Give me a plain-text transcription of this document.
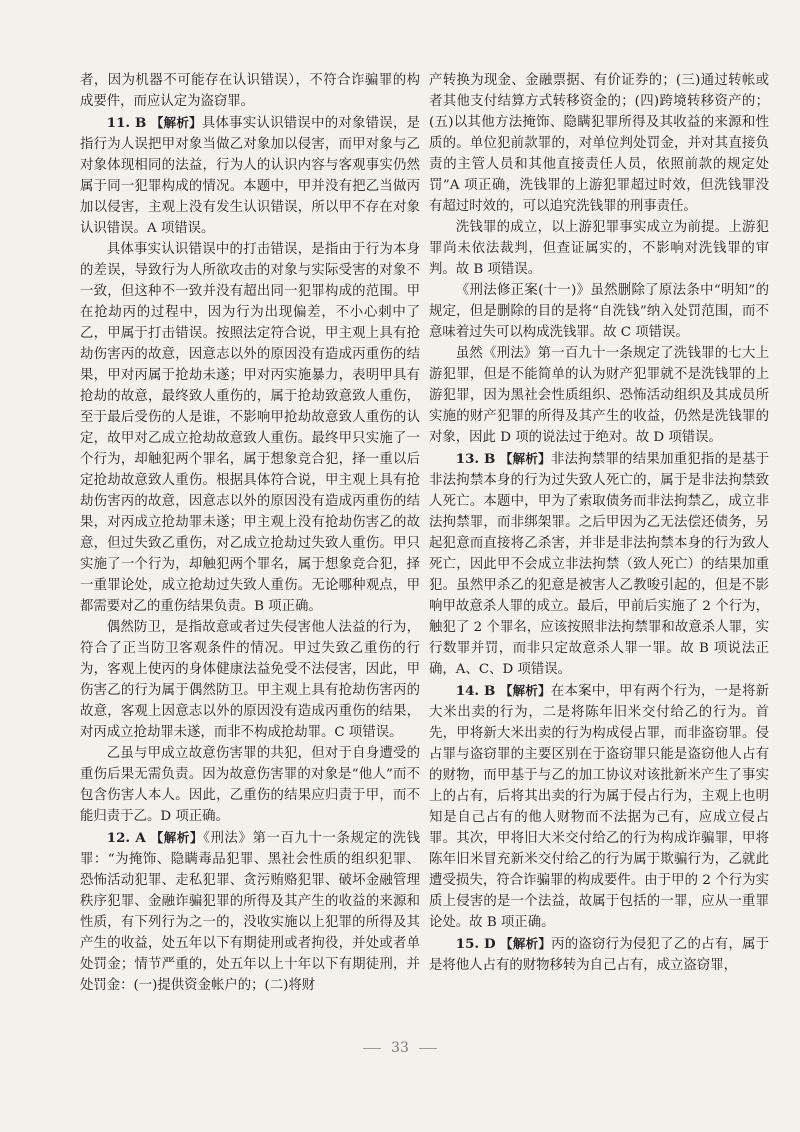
者，因为机器不可能存在认识错误），不符合诈骗罪的构成要件，而应认定为盗窃罪。

11. B 【解析】具体事实认识错误中的对象错误，是指行为人误把甲对象当做乙对象加以侵害，而甲对象与乙对象体现相同的法益，行为人的认识内容与客观事实仍然属于同一犯罪构成的情况。本题中，甲并没有把乙当做丙加以侵害，主观上没有发生认识错误，所以甲不存在对象认识错误。A 项错误。

具体事实认识错误中的打击错误，是指由于行为本身的差误，导致行为人所欲攻击的对象与实际受害的对象不一致，但这种不一致并没有超出同一犯罪构成的范围。甲在抢劫丙的过程中，因为行为出现偏差，不小心刺中了乙，甲属于打击错误。按照法定符合说，甲主观上具有抢劫伤害丙的故意，因意志以外的原因没有造成丙重伤的结果，甲对丙属于抢劫未遂；甲对丙实施暴力，表明甲具有抢劫的故意，最终致人重伤的，属于抢劫致意致人重伤，至于最后受伤的人是谁，不影响甲抢劫故意致人重伤的认定，故甲对乙成立抢劫故意致人重伤。最终甲只实施了一个行为，却触犯两个罪名，属于想象竞合犯，择一重以后定抢劫故意致人重伤。根据具体符合说，甲主观上具有抢劫伤害丙的故意，因意志以外的原因没有造成丙重伤的结果，对丙成立抢劫罪未遂；甲主观上没有抢劫伤害乙的故意，但过失致乙重伤，对乙成立抢劫过失致人重伤。甲只实施了一个行为，却触犯两个罪名，属于想象竞合犯，择一重罪论处，成立抢劫过失致人重伤。无论哪种观点，甲都需要对乙的重伤结果负责。B 项正确。

偶然防卫，是指故意或者过失侵害他人法益的行为，符合了正当防卫客观条件的情况。甲过失致乙重伤的行为，客观上使丙的身体健康法益免受不法侵害，因此，甲伤害乙的行为属于偶然防卫。甲主观上具有抢劫伤害丙的故意，客观上因意志以外的原因没有造成丙重伤的结果，对丙成立抢劫罪未遂，而非不构成抢劫罪。C 项错误。

乙虽与甲成立故意伤害罪的共犯，但对于自身遭受的重伤后果无需负责。因为故意伤害罪的对象是“他人”而不包含伤害人本人。因此，乙重伤的结果应归责于甲，而不能归责于乙。D 项正确。

12. A 【解析】《刑法》第一百九十一条规定的洗钱罪：“为掩饰、隐瞒毒品犯罪、黑社会性质的组织犯罪、恐怖活动犯罪、走私犯罪、贪污贿赂犯罪、破坏金融管理秩序犯罪、金融诈骗犯罪的所得及其产生的收益的来源和性质，有下列行为之一的，没收实施以上犯罪的所得及其产生的收益，处五年以下有期徒刑或者拘役，并处或者单处罚金；情节严重的，处五年以上十年以下有期徒刑，并处罚金：(一)提供资金帐户的；(二)将财

产转换为现金、金融票据、有价证券的；(三)通过转帐或者其他支付结算方式转移资金的；(四)跨境转移资产的；(五)以其他方法掩饰、隐瞒犯罪所得及其收益的来源和性质的。单位犯前款罪的，对单位判处罚金，并对其直接负责的主管人员和其他直接责任人员，依照前款的规定处罚”A 项正确，洗钱罪的上游犯罪超过时效，但洗钱罪没有超过时效的，可以追究洗钱罪的刑事责任。

洗钱罪的成立，以上游犯罪事实成立为前提。上游犯罪尚未依法裁判，但查证属实的，不影响对洗钱罪的审判。故 B 项错误。

《刑法修正案(十一)》虽然删除了原法条中“明知”的规定，但是删除的目的是将“自洗钱”纳入处罚范围，而不意味着过失可以构成洗钱罪。故 C 项错误。

虽然《刑法》第一百九十一条规定了洗钱罪的七大上游犯罪，但是不能简单的认为财产犯罪就不是洗钱罪的上游犯罪，因为黑社会性质组织、恐怖活动组织及其成员所实施的财产犯罪的所得及其产生的收益，仍然是洗钱罪的对象，因此 D 项的说法过于绝对。故 D 项错误。

13. B 【解析】非法拘禁罪的结果加重犯指的是基于非法拘禁本身的行为过失致人死亡的，属于是非法拘禁致人死亡。本题中，甲为了索取债务而非法拘禁乙，成立非法拘禁罪，而非绑架罪。之后甲因为乙无法偿还债务，另起犯意而直接将乙杀害，并非是非法拘禁本身的行为致人死亡，因此甲不会成立非法拘禁（致人死亡）的结果加重犯。虽然甲杀乙的犯意是被害人乙教唆引起的，但是不影响甲故意杀人罪的成立。最后，甲前后实施了 2 个行为，触犯了 2 个罪名，应该按照非法拘禁罪和故意杀人罪，实行数罪并罚，而非只定故意杀人罪一罪。故 B 项说法正确，A、C、D 项错误。

14. B 【解析】在本案中，甲有两个行为，一是将新大米出卖的行为，二是将陈年旧米交付给乙的行为。首先，甲将新大米出卖的行为构成侵占罪，而非盗窃罪。侵占罪与盗窃罪的主要区别在于盗窃罪只能是盗窃他人占有的财物，而甲基于与乙的加工协议对该批新米产生了事实上的占有，后将其出卖的行为属于侵占行为，主观上也明知是自己占有的他人财物而不法据为己有，应成立侵占罪。其次，甲将旧大米交付给乙的行为构成诈骗罪，甲将陈年旧米冒充新米交付给乙的行为属于欺骗行为，乙就此遭受损失，符合诈骗罪的构成要件。由于甲的 2 个行为实质上侵害的是一个法益，故属于包括的一罪，应从一重罪论处。故 B 项正确。

15. D 【解析】丙的盗窃行为侵犯了乙的占有，属于是将他人占有的财物移转为自己占有，成立盗窃罪，

33
